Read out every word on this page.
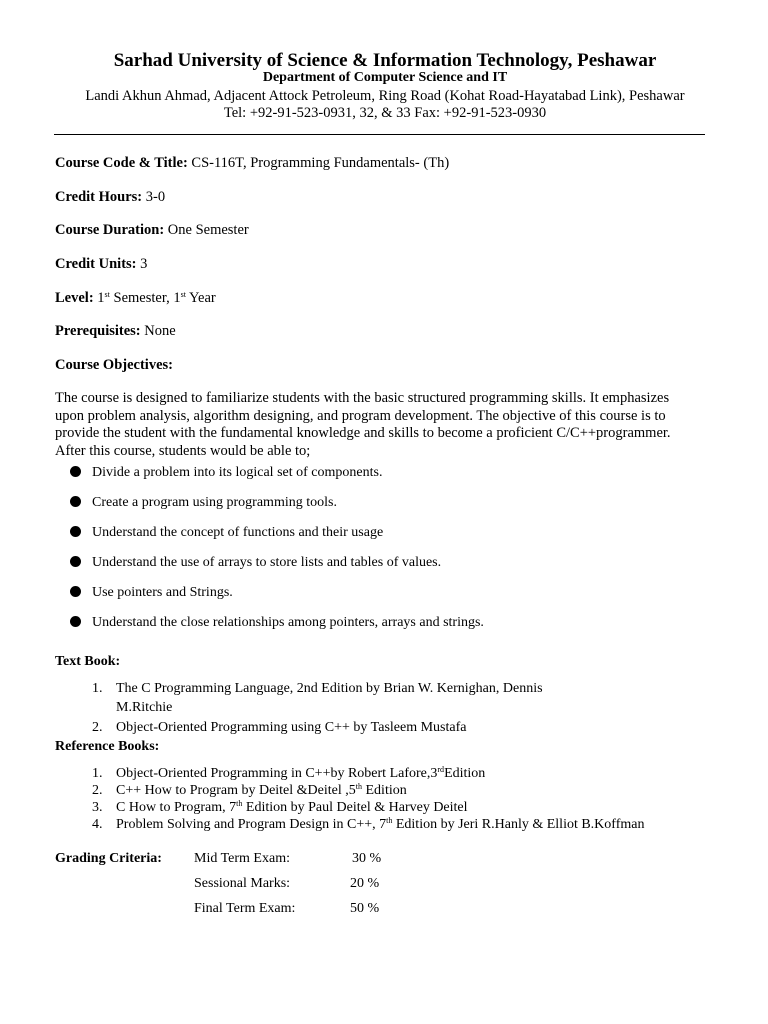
Sarhad University of Science & Information Technology, Peshawar
Department of Computer Science and IT
Landi Akhun Ahmad, Adjacent Attock Petroleum, Ring Road (Kohat Road-Hayatabad Link), Peshawar
Tel: +92-91-523-0931, 32, & 33 Fax: +92-91-523-0930
Course Code & Title: CS-116T, Programming Fundamentals- (Th)
Credit Hours: 3-0
Course Duration: One Semester
Credit Units: 3
Level: 1st Semester, 1st Year
Prerequisites: None
Course Objectives:
The course is designed to familiarize students with the basic structured programming skills. It emphasizes
upon problem analysis, algorithm designing, and program development. The objective of this course is to
provide the student with the fundamental knowledge and skills to become a proficient C/C++programmer.
After this course, students would be able to;
Divide a problem into its logical set of components.
Create a program using programming tools.
Understand the concept of functions and their usage
Understand the use of arrays to store lists and tables of values.
Use pointers and Strings.
Understand the close relationships among pointers, arrays and strings.
Text Book:
1. The C Programming Language, 2nd Edition by Brian W. Kernighan, Dennis
M.Ritchie
2. Object-Oriented Programming using C++ by Tasleem Mustafa
Reference Books:
1. Object-Oriented Programming in C++by Robert Lafore,3rdEdition
2. C++ How to Program by Deitel &Deitel ,5th Edition
3. C How to Program, 7th Edition by Paul Deitel & Harvey Deitel
4. Problem Solving and Program Design in C++, 7th Edition by Jeri R.Hanly & Elliot B.Koffman
Grading Criteria: Mid Term Exam:	30 %
Sessional Marks:	20 %
Final Term Exam:	50 %
